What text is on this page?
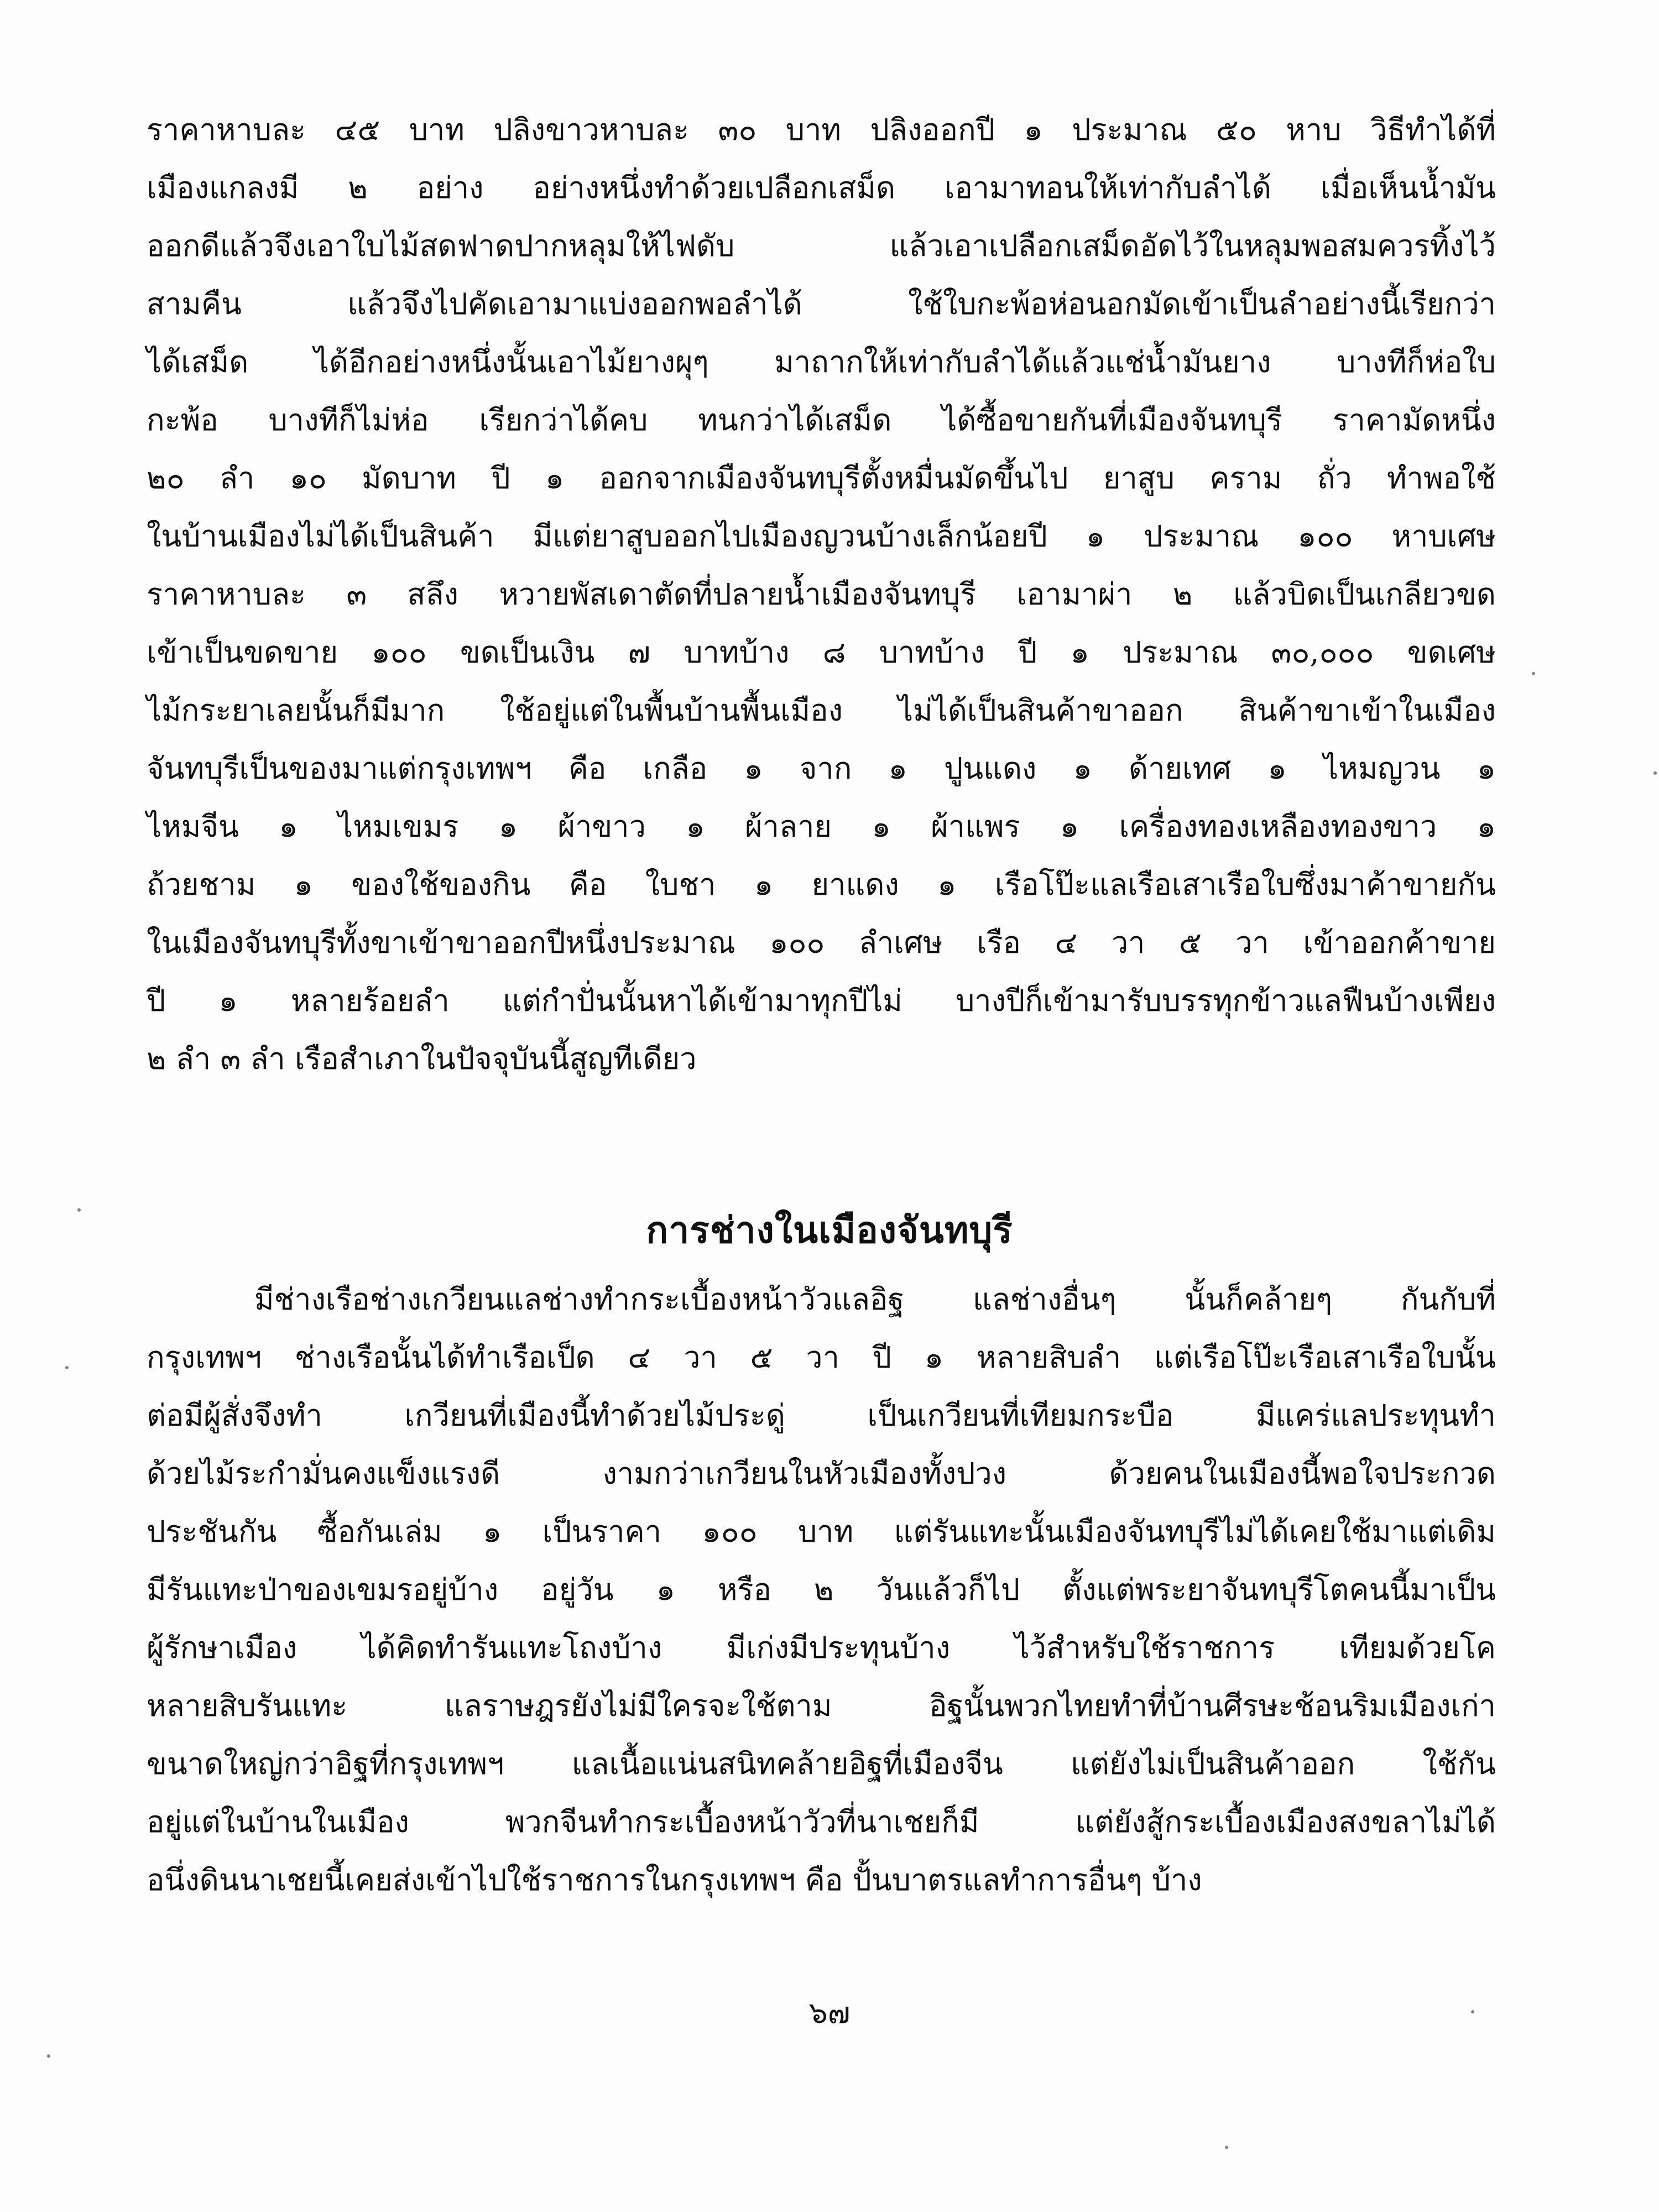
ราคาหาบละ ๔๕ บาท ปลิงขาวหาบละ ๓๐ บาท ปลิงออกปี ๑ ประมาณ ๕๐ หาบ วิธีทำได้ที่
เมืองแกลงมี ๒ อย่าง อย่างหนึ่งทำด้วยเปลือกเสม็ด เอามาทอนให้เท่ากับลำได้ เมื่อเห็นน้ำมัน
ออกดีแล้วจึงเอาใบไม้สดฟาดปากหลุมให้ไฟดับ แล้วเอาเปลือกเสม็ดอัดไว้ในหลุมพอสมควรทิ้งไว้
สามคืน แล้วจึงไปคัดเอามาแบ่งออกพอลำได้ ใช้ใบกะพ้อห่อนอกมัดเข้าเป็นลำอย่างนี้เรียกว่า
ได้เสม็ด ได้อีกอย่างหนึ่งนั้นเอาไม้ยางผุๆ มาถากให้เท่ากับลำได้แล้วแช่น้ำมันยาง บางทีก็ห่อใบ
กะพ้อ บางทีก็ไม่ห่อ เรียกว่าได้คบ ทนกว่าได้เสม็ด ได้ซื้อขายกันที่เมืองจันทบุรี ราคามัดหนึ่ง
๒๐ ลำ ๑๐ มัดบาท ปี ๑ ออกจากเมืองจันทบุรีตั้งหมื่นมัดขึ้นไป ยาสูบ คราม ถั่ว ทำพอใช้
ในบ้านเมืองไม่ได้เป็นสินค้า มีแต่ยาสูบออกไปเมืองญวนบ้างเล็กน้อยปี ๑ ประมาณ ๑๐๐ หาบเศษ
ราคาหาบละ ๓ สลึง หวายพัสเดาตัดที่ปลายน้ำเมืองจันทบุรี เอามาผ่า ๒ แล้วบิดเป็นเกลียวขด
เข้าเป็นขดขาย ๑๐๐ ขดเป็นเงิน ๗ บาทบ้าง ๘ บาทบ้าง ปี ๑ ประมาณ ๓๐,๐๐๐ ขดเศษ
ไม้กระยาเลยนั้นก็มีมาก ใช้อยู่แต่ในพื้นบ้านพื้นเมือง ไม่ได้เป็นสินค้าขาออก สินค้าขาเข้าในเมือง
จันทบุรีเป็นของมาแต่กรุงเทพฯ คือ เกลือ ๑ จาก ๑ ปูนแดง ๑ ด้ายเทศ ๑ ไหมญวน ๑
ไหมจีน ๑ ไหมเขมร ๑ ผ้าขาว ๑ ผ้าลาย ๑ ผ้าแพร ๑ เครื่องทองเหลืองทองขาว ๑
ถ้วยชาม ๑ ของใช้ของกิน คือ ใบชา ๑ ยาแดง ๑ เรือโป๊ะแลเรือเสาเรือใบซึ่งมาค้าขายกัน
ในเมืองจันทบุรีทั้งขาเข้าขาออกปีหนึ่งประมาณ ๑๐๐ ลำเศษ เรือ ๔ วา ๕ วา เข้าออกค้าขาย
ปี ๑ หลายร้อยลำ แต่กำปั่นนั้นหาได้เข้ามาทุกปีไม่ บางปีก็เข้ามารับบรรทุกข้าวแลฟืนบ้างเพียง
๒ ลำ ๓ ลำ เรือสำเภาในปัจจุบันนี้สูญทีเดียว
การช่างในเมืองจันทบุรี
มีช่างเรือช่างเกวียนแลช่างทำกระเบื้องหน้าวัวแลอิฐ แลช่างอื่นๆ นั้นก็คล้ายๆ กันกับที่
กรุงเทพฯ ช่างเรือนั้นได้ทำเรือเป็ด ๔ วา ๕ วา ปี ๑ หลายสิบลำ แต่เรือโป๊ะเรือเสาเรือใบนั้น
ต่อมีผู้สั่งจึงทำ เกวียนที่เมืองนี้ทำด้วยไม้ประดู่ เป็นเกวียนที่เทียมกระบือ มีแคร่แลประทุนทำ
ด้วยไม้ระกำมั่นคงแข็งแรงดี งามกว่าเกวียนในหัวเมืองทั้งปวง ด้วยคนในเมืองนี้พอใจประกวด
ประชันกัน ซื้อกันเล่ม ๑ เป็นราคา ๑๐๐ บาท แต่รันแทะนั้นเมืองจันทบุรีไม่ได้เคยใช้มาแต่เดิม
มีรันแทะป่าของเขมรอยู่บ้าง อยู่วัน ๑ หรือ ๒ วันแล้วก็ไป ตั้งแต่พระยาจันทบุรีโตคนนี้มาเป็น
ผู้รักษาเมือง ได้คิดทำรันแทะโถงบ้าง มีเก่งมีประทุนบ้าง ไว้สำหรับใช้ราชการ เทียมด้วยโค
หลายสิบรันแทะ แลราษฎรยังไม่มีใครจะใช้ตาม อิฐนั้นพวกไทยทำที่บ้านศีรษะช้อนริมเมืองเก่า
ขนาดใหญ่กว่าอิฐที่กรุงเทพฯ แลเนื้อแน่นสนิทคล้ายอิฐที่เมืองจีน แต่ยังไม่เป็นสินค้าออก ใช้กัน
อยู่แต่ในบ้านในเมือง พวกจีนทำกระเบื้องหน้าวัวที่นาเชยก็มี แต่ยังสู้กระเบื้องเมืองสงขลาไม่ได้
อนึ่งดินนาเชยนี้เคยส่งเข้าไปใช้ราชการในกรุงเทพฯ คือ ปั้นบาตรแลทำการอื่นๆ บ้าง
๖๗
